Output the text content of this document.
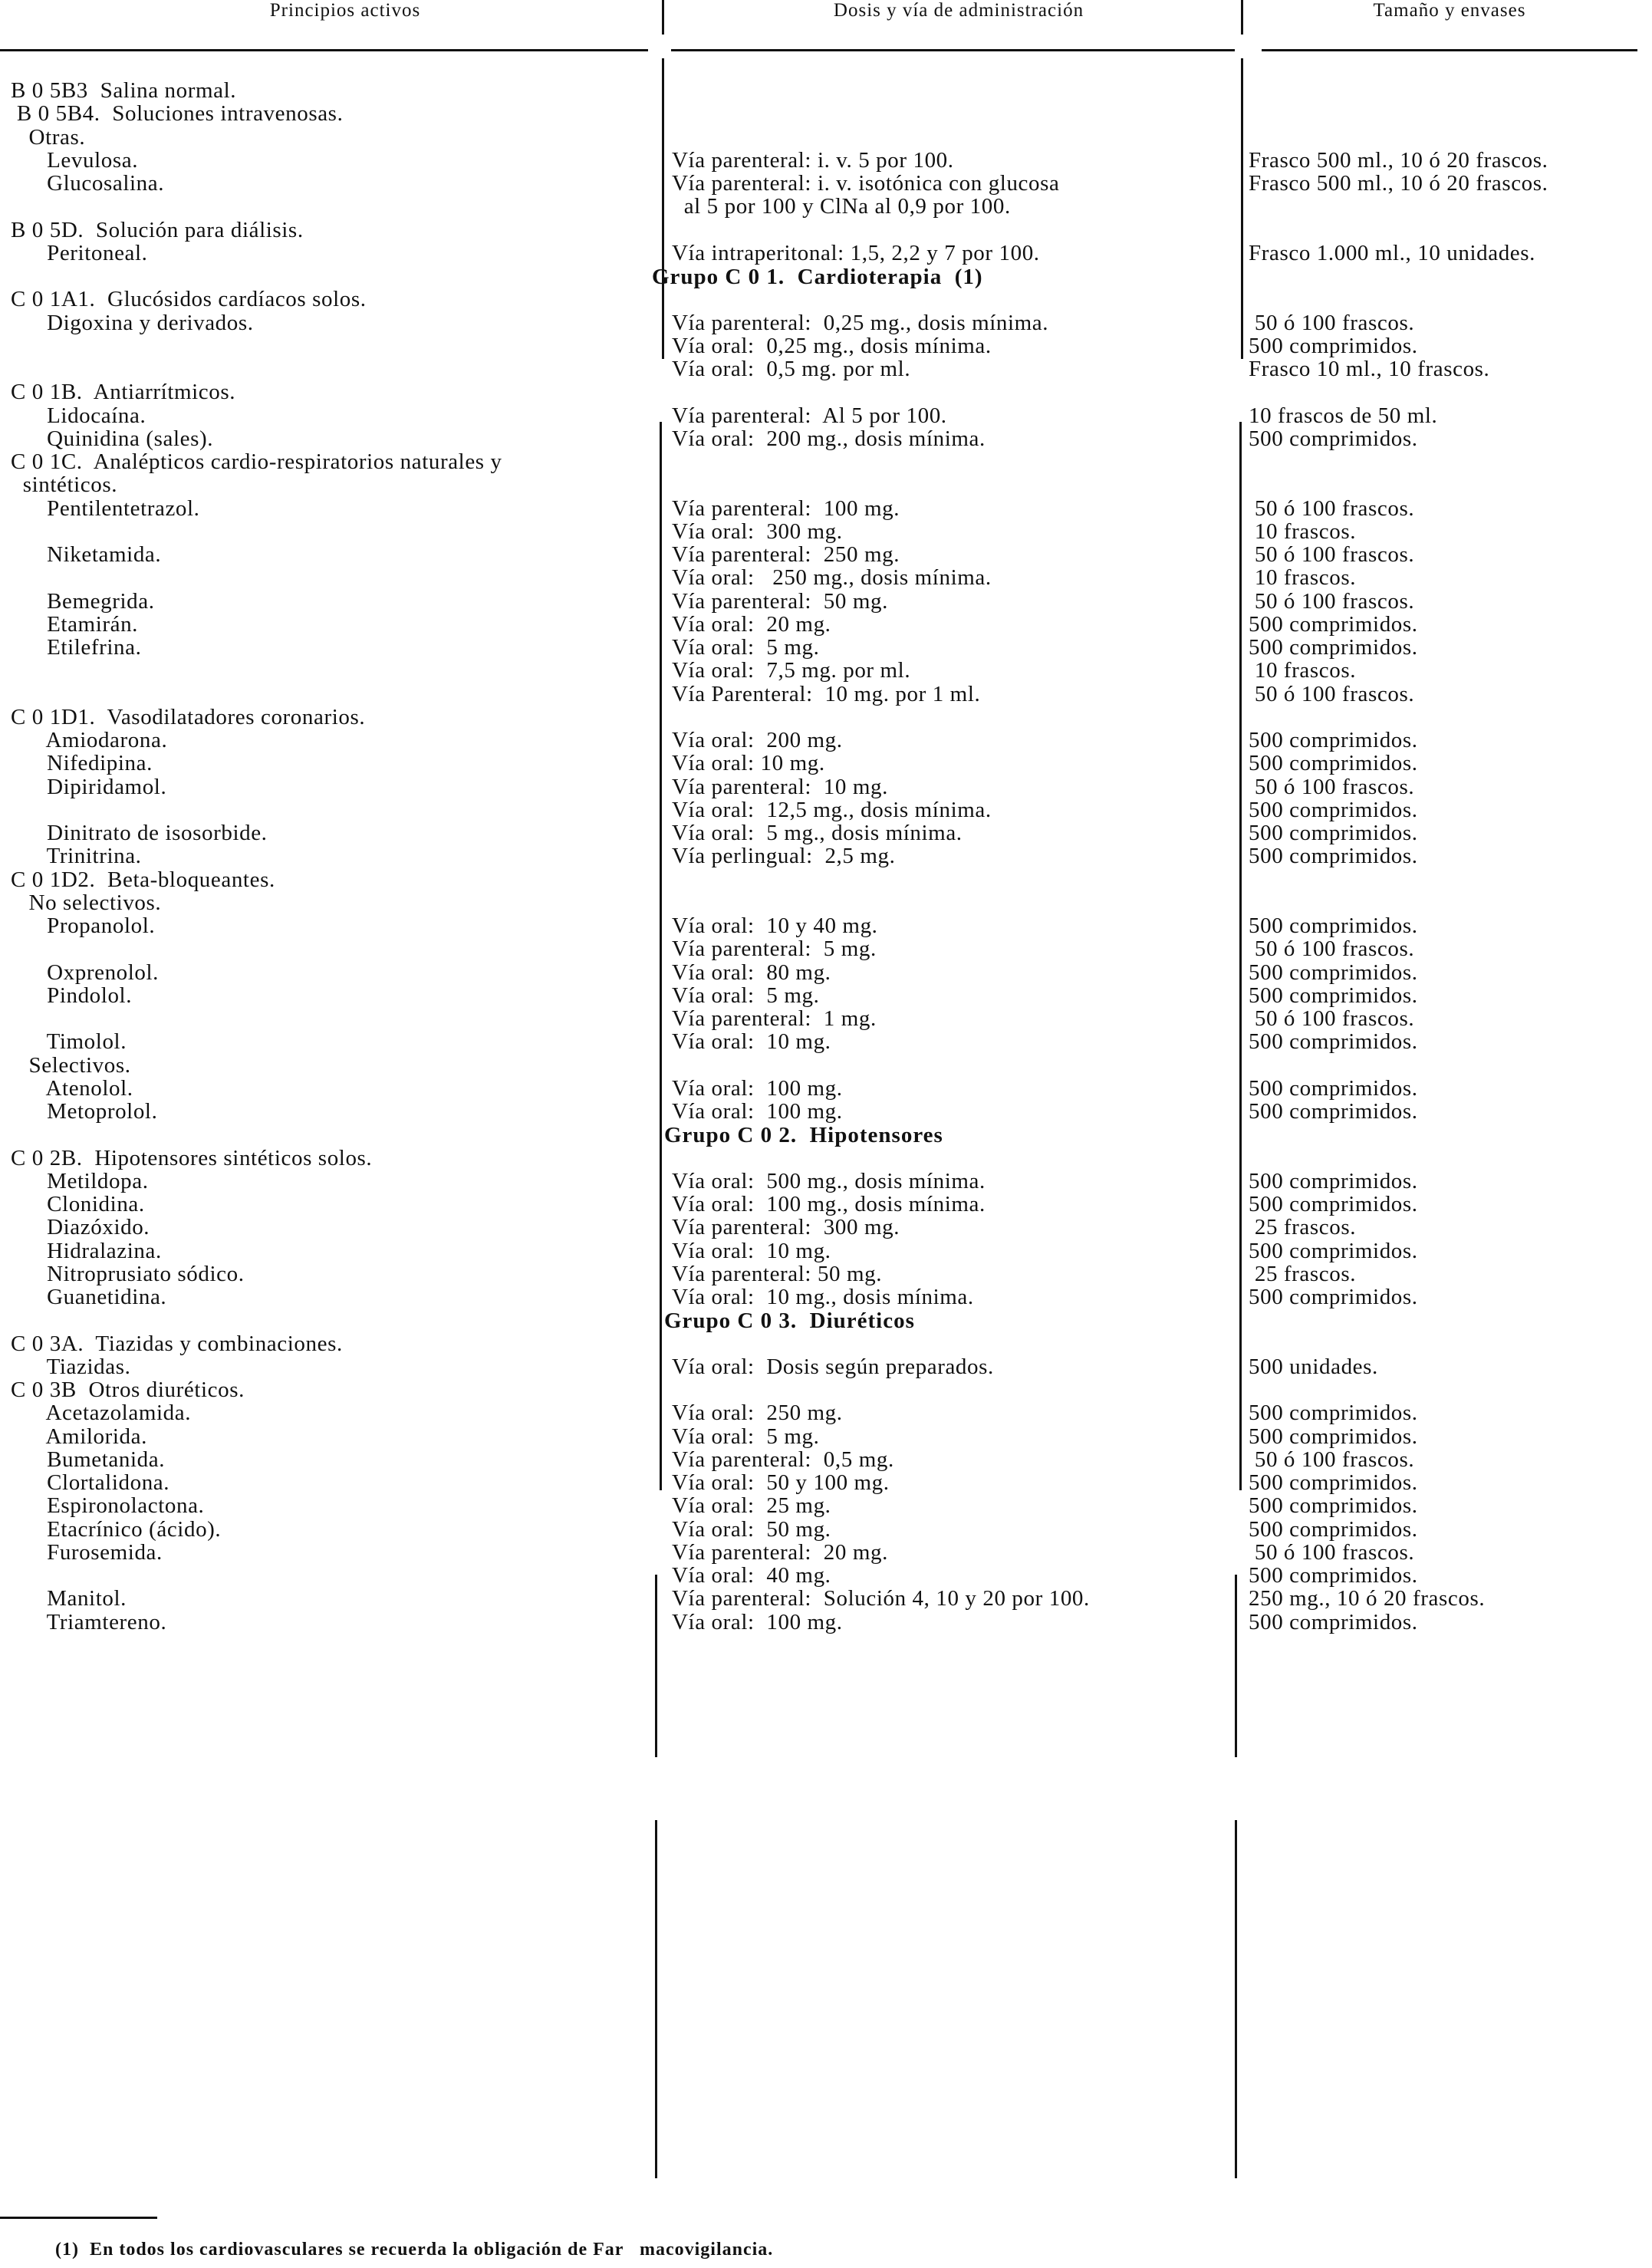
Principios activos	Dosis y vía de administración	Tamaño y envases
B 0 5B3  Salina normal.
B 0 5B4.  Soluciones intravenosas.
Otras.
Levulosa.	Vía parenteral: i. v. 5 por 100.	Frasco 500 ml., 10 ó 20 frascos.
Glucosalina.	Vía parenteral: i. v. isotónica con glucosa	Frasco 500 ml., 10 ó 20 frascos.
al 5 por 100 y ClNa al 0,9 por 100.
B 0 5D.  Solución para diálisis.
Peritoneal.	Vía intraperitonal: 1,5, 2,2 y 7 por 100.	Frasco 1.000 ml., 10 unidades.
Grupo C 0 1.  Cardioterapia  (1)
C 0 1A1.  Glucósidos cardíacos solos.
Digoxina y derivados.	Vía parenteral:  0,25 mg., dosis mínima.	50 ó 100 frascos.
Vía oral:  0,25 mg., dosis mínima.	500 comprimidos.
Vía oral:  0,5 mg. por ml.	Frasco 10 ml., 10 frascos.
C 0 1B.  Antiarrítmicos.
Lidocaína.	Vía parenteral:  Al 5 por 100.	10 frascos de 50 ml.
Quinidina (sales).	Vía oral:  200 mg., dosis mínima.	500 comprimidos.
C 0 1C.  Analépticos cardio-respiratorios naturales y
sintéticos.
Pentilentetrazol.	Vía parenteral:  100 mg.	50 ó 100 frascos.
Vía oral:  300 mg.	10 frascos.
Niketamida.	Vía parenteral:  250 mg.	50 ó 100 frascos.
Vía oral:   250 mg., dosis mínima.	10 frascos.
Bemegrida.	Vía parenteral:  50 mg.	50 ó 100 frascos.
Etamirán.	Vía oral:  20 mg.	500 comprimidos.
Etilefrina.	Vía oral:  5 mg.	500 comprimidos.
Vía oral:  7,5 mg. por ml.	10 frascos.
Vía Parenteral:  10 mg. por 1 ml.	50 ó 100 frascos.
C 0 1D1.  Vasodilatadores coronarios.
Amiodarona.	Vía oral:  200 mg.	500 comprimidos.
Nifedipina.	Vía oral: 10 mg.	500 comprimidos.
Dipiridamol.	Vía parenteral:  10 mg.	50 ó 100 frascos.
Vía oral:  12,5 mg., dosis mínima.	500 comprimidos.
Dinitrato de isosorbide.	Vía oral:  5 mg., dosis mínima.	500 comprimidos.
Trinitrina.	Vía perlingual:  2,5 mg.	500 comprimidos.
C 0 1D2.  Beta-bloqueantes.
No selectivos.
Propanolol.	Vía oral:  10 y 40 mg.	500 comprimidos.
Vía parenteral:  5 mg.	50 ó 100 frascos.
Oxprenolol.	Vía oral:  80 mg.	500 comprimidos.
Pindolol.	Vía oral:  5 mg.	500 comprimidos.
Vía parenteral:  1 mg.	50 ó 100 frascos.
Timolol.	Vía oral:  10 mg.	500 comprimidos.
Selectivos.
Atenolol.	Vía oral:  100 mg.	500 comprimidos.
Metoprolol.	Vía oral:  100 mg.	500 comprimidos.
Grupo C 0 2.  Hipotensores
C 0 2B.  Hipotensores sintéticos solos.
Metildopa.	Vía oral:  500 mg., dosis mínima.	500 comprimidos.
Clonidina.	Vía oral:  100 mg., dosis mínima.	500 comprimidos.
Diazóxido.	Vía parenteral:  300 mg.	25 frascos.
Hidralazina.	Vía oral:  10 mg.	500 comprimidos.
Nitroprusiato sódico.	Vía parenteral: 50 mg.	25 frascos.
Guanetidina.	Vía oral:  10 mg., dosis mínima.	500 comprimidos.
Grupo C 0 3.  Diuréticos
C 0 3A.  Tiazidas y combinaciones.
Tiazidas.	Vía oral:  Dosis según preparados.	500 unidades.
C 0 3B  Otros diuréticos.
Acetazolamida.	Vía oral:  250 mg.	500 comprimidos.
Amilorida.	Vía oral:  5 mg.	500 comprimidos.
Bumetanida.	Vía parenteral:  0,5 mg.	50 ó 100 frascos.
Clortalidona.	Vía oral:  50 y 100 mg.	500 comprimidos.
Espironolactona.	Vía oral:  25 mg.	500 comprimidos.
Etacrínico (ácido).	Vía oral:  50 mg.	500 comprimidos.
Furosemida.	Vía parenteral:  20 mg.	50 ó 100 frascos.
Vía oral:  40 mg.	500 comprimidos.
Manitol.	Vía parenteral:  Solución 4, 10 y 20 por 100.	250 mg., 10 ó 20 frascos.
Triamtereno.	Vía oral:  100 mg.	500 comprimidos.
(1)  En todos los cardiovasculares se recuerda la obligación de Far   macovigilancia.
